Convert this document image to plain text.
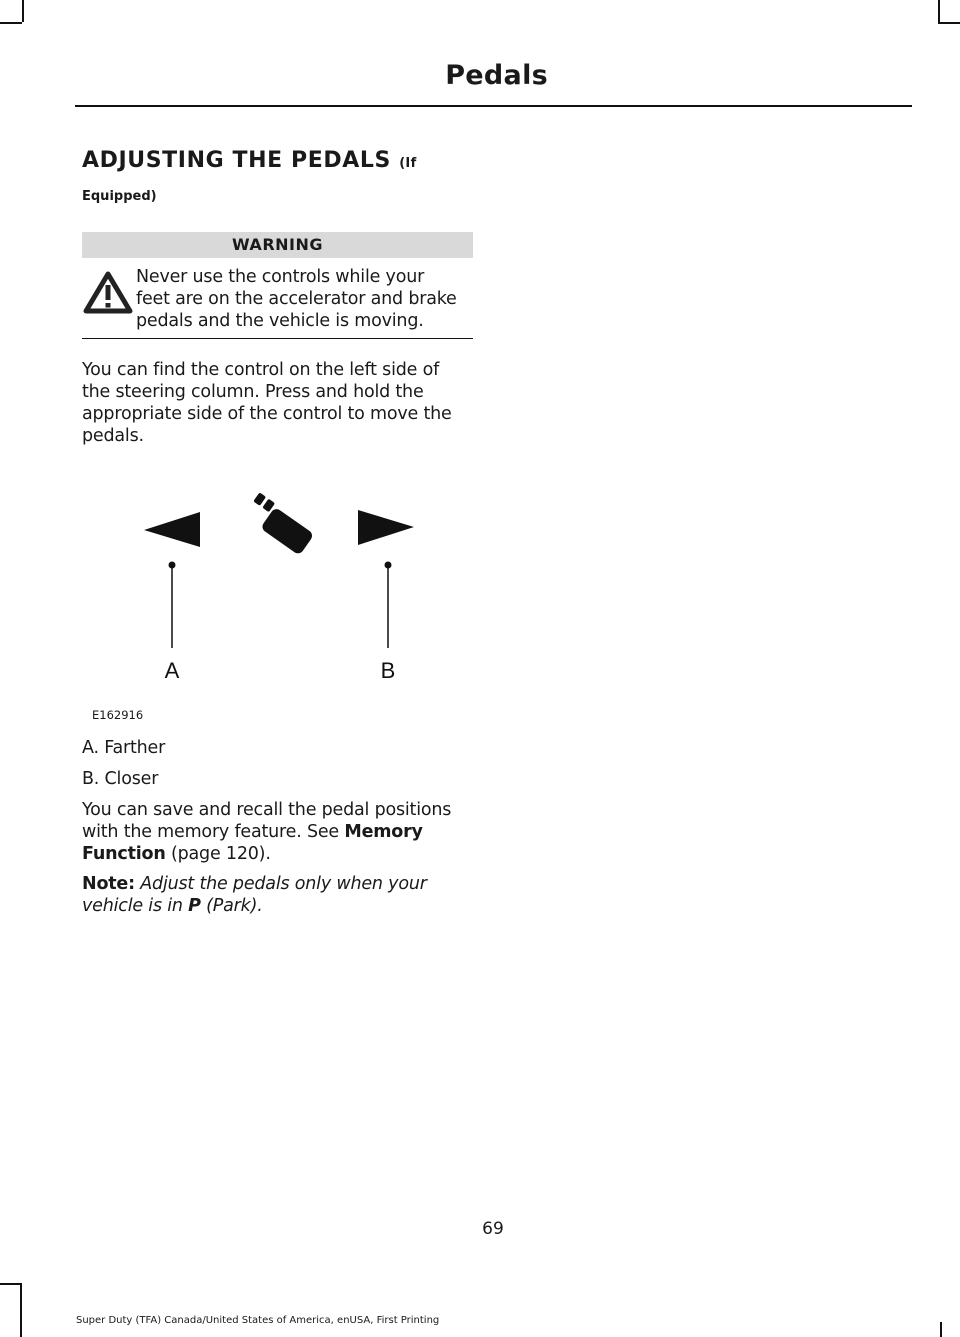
Pedals
ADJUSTING THE PEDALS (If
Equipped)
WARNING
Never use the controls while your
feet are on the accelerator and brake
pedals and the vehicle is moving.
You can find the control on the left side of
the steering column. Press and hold the
appropriate side of the control to move the
pedals.
A	B
E162916
A. Farther
B. Closer
You can save and recall the pedal positions
with the memory feature. See Memory
Function (page 120).
Note: Adjust the pedals only when your
vehicle is in P (Park).
69
Super Duty (TFA) Canada/United States of America, enUSA, First Printing
